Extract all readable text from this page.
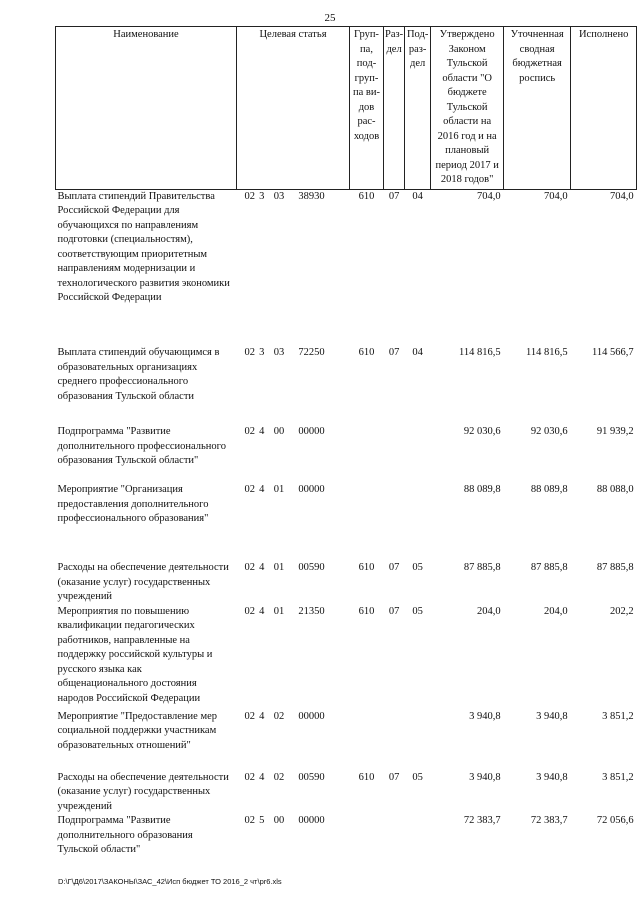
25
Наименование	Целевая статья	Груп-па, под-груп-па ви-дов рас-ходов	Раз-дел	Под-раз-дел	Утверждено Законом Тульской области "О бюджете Тульской области на 2016 год и на плановый период 2017 и 2018 годов"	Уточненная сводная бюджетная роспись	Исполнено
Выплата стипендий Правительства Российской Федерации для обучающихся по направлениям подготовки (специальностям), соответствующим приоритетным направлениям модернизации и технологического развития экономики Российской Федерации	02 3 03 38930	610	07	04	704,0	704,0	704,0
Выплата стипендий обучающимся в образовательных организациях среднего профессионального образования Тульской области	02 3 03 72250	610	07	04	114 816,5	114 816,5	114 566,7
Подпрограмма "Развитие дополнительного профессионального образования Тульской области"	02 4 00 00000				92 030,6	92 030,6	91 939,2
Мероприятие "Организация предоставления дополнительного профессионального образования"	02 4 01 00000				88 089,8	88 089,8	88 088,0
Расходы на обеспечение деятельности (оказание услуг) государственных учреждений	02 4 01 00590	610	07	05	87 885,8	87 885,8	87 885,8
Мероприятия по повышению квалификации педагогических работников, направленные на поддержку российской культуры и русского языка как общенационального достояния народов Российской Федерации	02 4 01 21350	610	07	05	204,0	204,0	202,2
Мероприятие "Предоставление мер социальной поддержки участникам образовательных отношений"	02 4 02 00000				3 940,8	3 940,8	3 851,2
Расходы на обеспечение деятельности (оказание услуг) государственных учреждений	02 4 02 00590	610	07	05	3 940,8	3 940,8	3 851,2
Подпрограмма "Развитие дополнительного образования Тульской области"	02 5 00 00000				72 383,7	72 383,7	72 056,6
D:\Г\Д6\2017\ЗАКОНЫ\ЗАС_42\Исп бюджет ТО 2016_2 чт\pr6.xls
